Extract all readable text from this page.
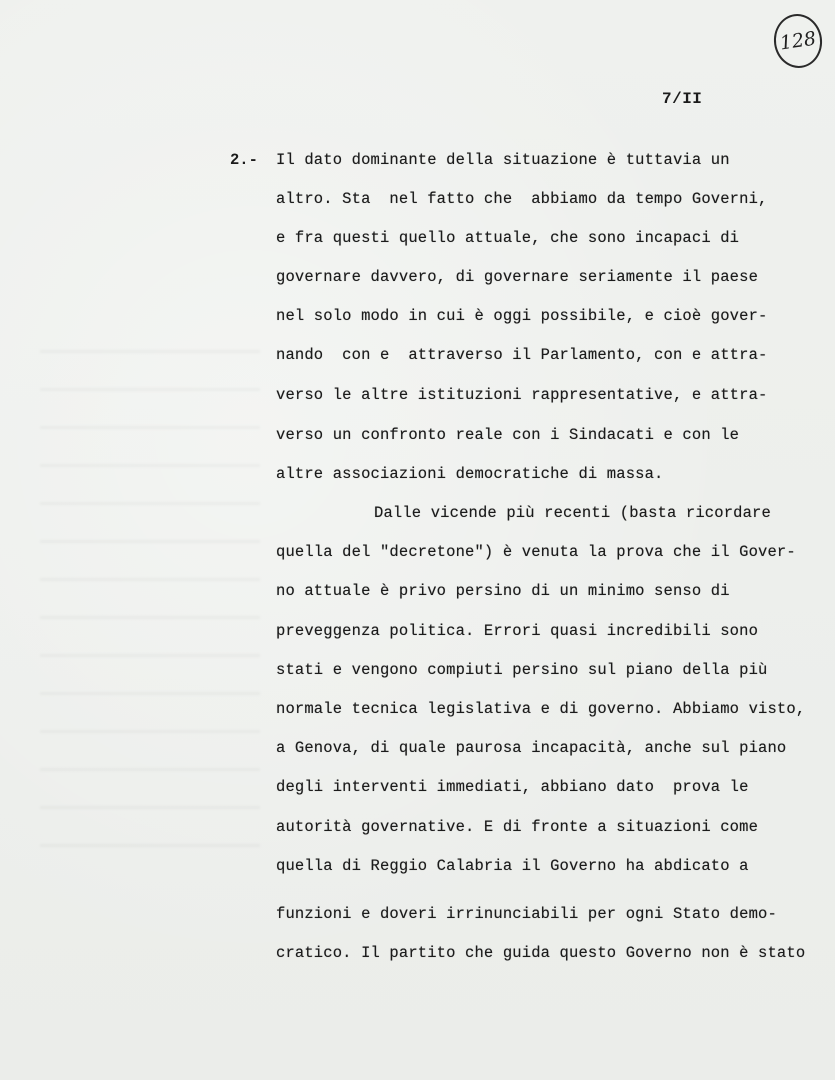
128
7/II
2.- Il dato dominante della situazione è tuttavia un
altro. Sta  nel fatto che  abbiamo da tempo Governi,
e fra questi quello attuale, che sono incapaci di
governare davvero, di governare seriamente il paese
nel solo modo in cui è oggi possibile, e cioè gover-
nando  con e  attraverso il Parlamento, con e attra-
verso le altre istituzioni rappresentative, e attra-
verso un confronto reale con i Sindacati e con le
altre associazioni democratiche di massa.
Dalle vicende più recenti (basta ricordare
quella del "decretone") è venuta la prova che il Gover-
no attuale è privo persino di un minimo senso di
preveggenza politica. Errori quasi incredibili sono
stati e vengono compiuti persino sul piano della più
normale tecnica legislativa e di governo. Abbiamo visto,
a Genova, di quale paurosa incapacità, anche sul piano
degli interventi immediati, abbiano dato  prova le
autorità governative. E di fronte a situazioni come
quella di Reggio Calabria il Governo ha abdicato a
funzioni e doveri irrinunciabili per ogni Stato demo-
cratico. Il partito che guida questo Governo non è stato
